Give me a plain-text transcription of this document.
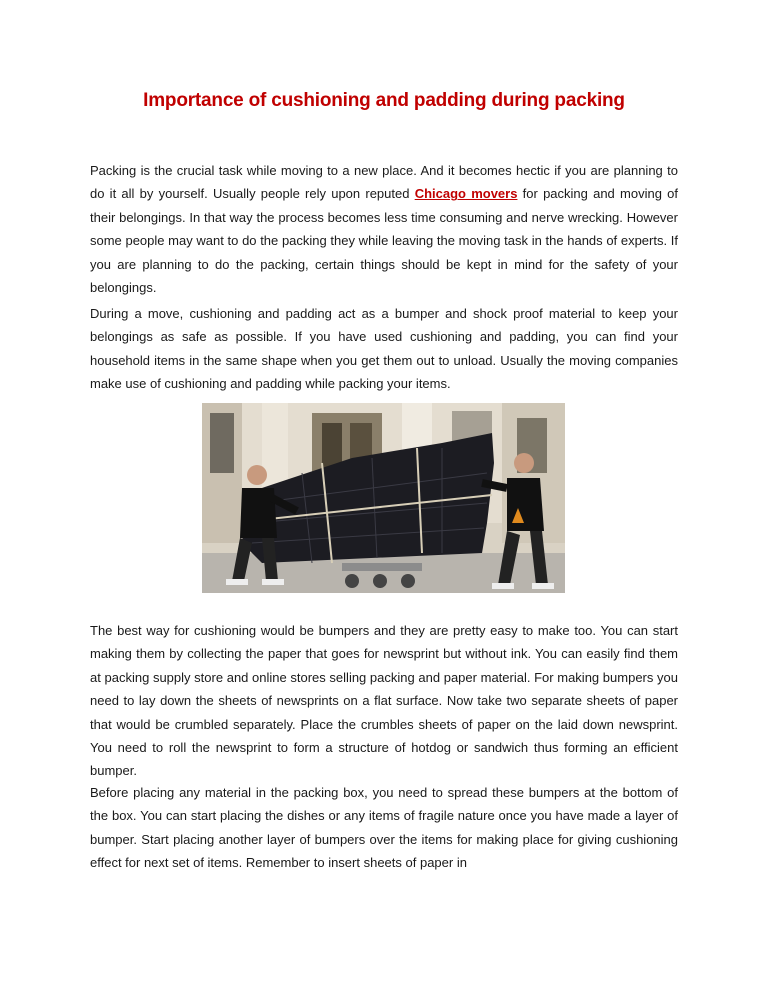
Importance of cushioning and padding during packing

Packing is the crucial task while moving to a new place. And it becomes hectic if you are planning to do it all by yourself. Usually people rely upon reputed Chicago movers for packing and moving of their belongings. In that way the process becomes less time consuming and nerve wrecking. However some people may want to do the packing they while leaving the moving task in the hands of experts. If you are planning to do the packing, certain things should be kept in mind for the safety of your belongings.

During a move, cushioning and padding act as a bumper and shock proof material to keep your belongings as safe as possible. If you have used cushioning and padding, you can find your household items in the same shape when you get them out to unload. Usually the moving companies make use of cushioning and padding while packing your items.

The best way for cushioning would be bumpers and they are pretty easy to make too. You can start making them by collecting the paper that goes for newsprint but without ink. You can easily find them at packing supply store and online stores selling packing and paper material. For making bumpers you need to lay down the sheets of newsprints on a flat surface. Now take two separate sheets of paper that would be crumbled separately. Place the crumbles sheets of paper on the laid down newsprint. You need to roll the newsprint to form a structure of hotdog or sandwich thus forming an efficient bumper.

Before placing any material in the packing box, you need to spread these bumpers at the bottom of the box. You can start placing the dishes or any items of fragile nature once you have made a layer of bumper. Start placing another layer of bumpers over the items for making place for giving cushioning effect for next set of items. Remember to insert sheets of paper in
